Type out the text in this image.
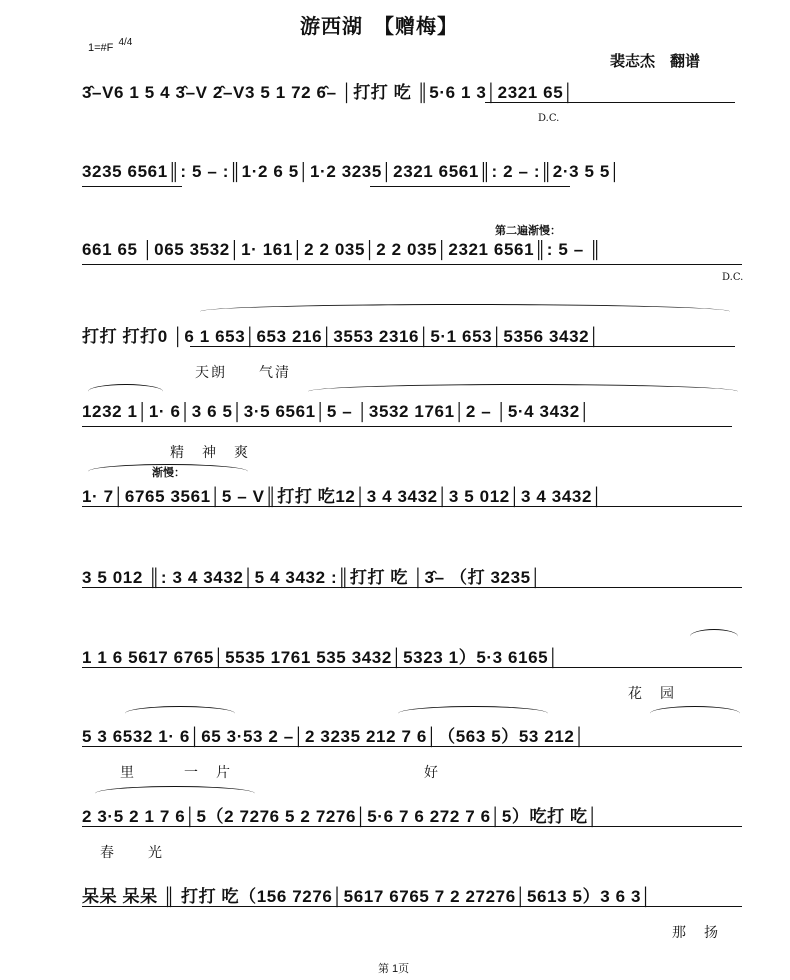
游西湖　【赠梅】
1=#F 4/4
裴志杰　翻谱
3̂–V6 1 5 4 3̂–V 2̂–V3 5 1 72 6̂– │打打 吃 ║5·6 1 3│2321 65│
D.C.
3235 6561║: 5 – :║1·2 6 5│1·2 3235│2321 6561║: 2 – :║2·3 5 5│
第二遍渐慢：
661 65 │065 3532│1· 161│2 2 035│2 2 035│2321 6561║: 5 – ║
D.C.
打打 打打0 │6 1 653│653 216│3553 2316│5·1 653│5356 3432│
天朗　　气清
1232 1│1· 6│3 6 5│3·5 6561│5 – │3532 1761│2 – │5·4 3432│
精　神　爽
渐慢：
1· 7│6765 3561│5 – V║打打 吃12│3 4 3432│3 5 012│3 4 3432│
3 5 012 ║: 3 4 3432│5 4 3432 :║打打 吃 │3̂– （打 3235│
1 1 6 5617 6765│5535 1761 535 3432│5323 1）5·3 6165│
花　园
5 3 6532 1· 6│65 3·53 2 –│2 3235 212 7 6│（563 5）53 212│
里　　　一　片　　　　　　　　　　　　好
2 3·5 2 1 7 6│5（2 7276 5 2 7276│5·6 7 6 272 7 6│5）吃打 吃│
春　　光
呆呆 呆呆 ║ 打打 吃（156 7276│5617 6765 7 2 27276│5613 5）3 6 3│
那　扬
第 1页
